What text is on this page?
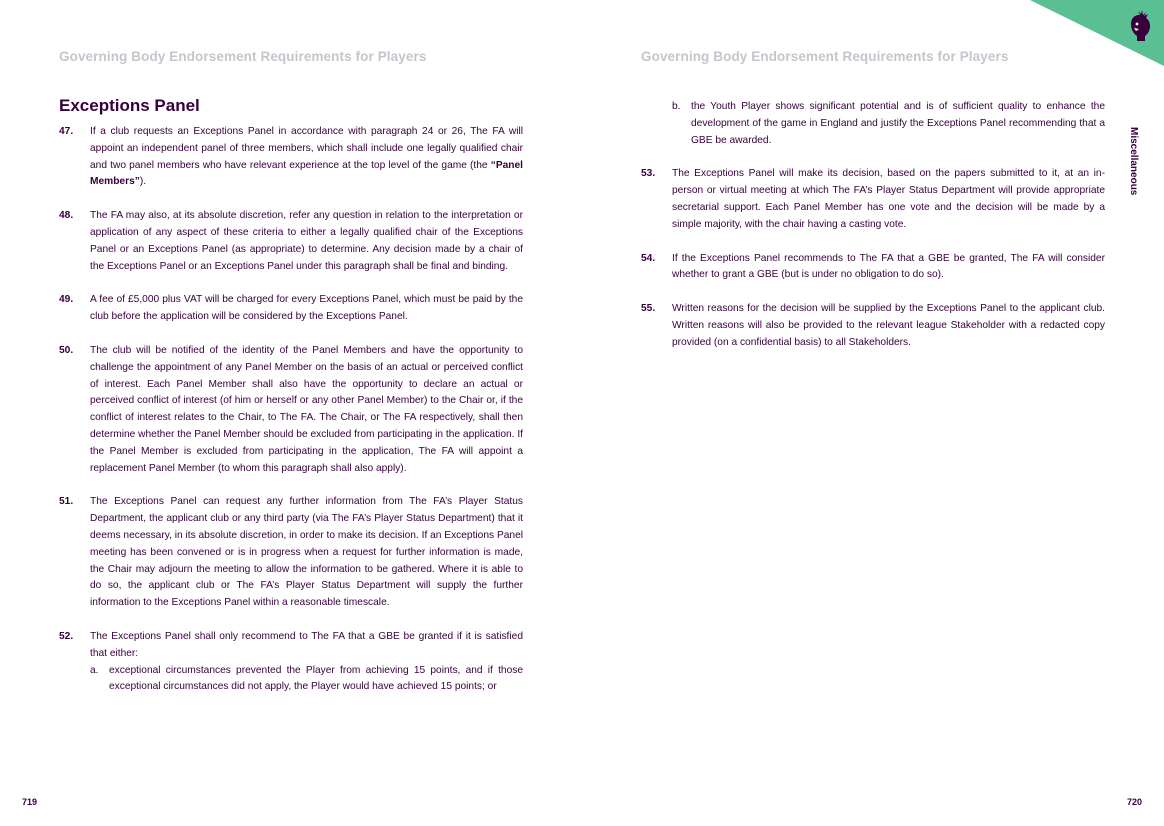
Governing Body Endorsement Requirements for Players	Governing Body Endorsement Requirements for Players

Exceptions Panel
47. If a club requests an Exceptions Panel in accordance with paragraph 24 or 26, The FA will appoint an independent panel of three members, which shall include one legally qualified chair and two panel members who have relevant experience at the top level of the game (the “Panel Members”).

48. The FA may also, at its absolute discretion, refer any question in relation to the interpretation or application of any aspect of these criteria to either a legally qualified chair of the Exceptions Panel or an Exceptions Panel (as appropriate) to determine. Any decision made by a chair of the Exceptions Panel or an Exceptions Panel under this paragraph shall be final and binding.

49. A fee of £5,000 plus VAT will be charged for every Exceptions Panel, which must be paid by the club before the application will be considered by the Exceptions Panel.

50. The club will be notified of the identity of the Panel Members and have the opportunity to challenge the appointment of any Panel Member on the basis of an actual or perceived conflict of interest. Each Panel Member shall also have the opportunity to declare an actual or perceived conflict of interest (of him or herself or any other Panel Member) to the Chair or, if the conflict of interest relates to the Chair, to The FA. The Chair, or The FA respectively, shall then determine whether the Panel Member should be excluded from participating in the application. If the Panel Member is excluded from participating in the application, The FA will appoint a replacement Panel Member (to whom this paragraph shall also apply).

51. The Exceptions Panel can request any further information from The FA’s Player Status Department, the applicant club or any third party (via The FA’s Player Status Department) that it deems necessary, in its absolute discretion, in order to make its decision. If an Exceptions Panel meeting has been convened or is in progress when a request for further information is made, the Chair may adjourn the meeting to allow the information to be gathered. Where it is able to do so, the applicant club or The FA’s Player Status Department will supply the further information to the Exceptions Panel within a reasonable timescale.

52. The Exceptions Panel shall only recommend to The FA that a GBE be granted if it is satisfied that either:

a. exceptional circumstances prevented the Player from achieving 15 points, and if those exceptional circumstances did not apply, the Player would have achieved 15 points; or

b. the Youth Player shows significant potential and is of sufficient quality to enhance the development of the game in England and justify the Exceptions Panel recommending that a GBE be awarded.

53. The Exceptions Panel will make its decision, based on the papers submitted to it, at an in- person or virtual meeting at which The FA’s Player Status Department will provide appropriate secretarial support. Each Panel Member has one vote and the decision will be made by a simple majority, with the chair having a casting vote.

54. If the Exceptions Panel recommends to The FA that a GBE be granted, The FA will consider whether to grant a GBE (but is under no obligation to do so).

55. Written reasons for the decision will be supplied by the Exceptions Panel to the applicant club. Written reasons will also be provided to the relevant league Stakeholder with a redacted copy provided (on a confidential basis) to all Stakeholders.

Miscellaneous

719	720
